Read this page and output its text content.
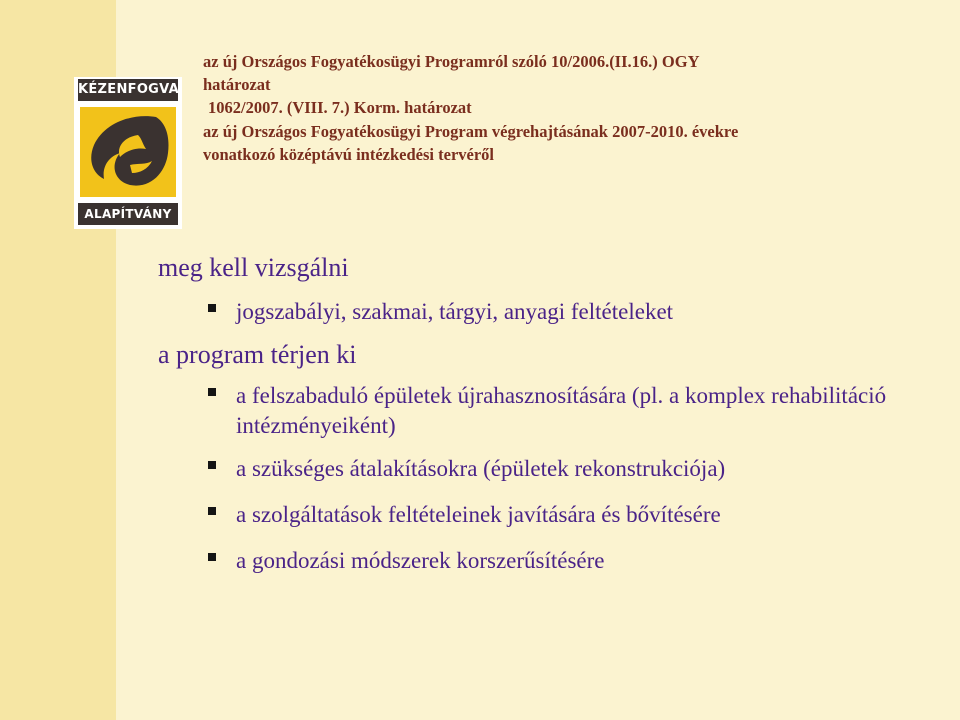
KÉZENFOGVA
ALAPÍTVÁNY
az új Országos Fogyatékosügyi Programról szóló 10/2006.(II.16.) OGY
határozat
1062/2007. (VIII. 7.) Korm. határozat
az új Országos Fogyatékosügyi Program végrehajtásának 2007-2010. évekre
vonatkozó középtávú intézkedési tervéről

meg kell vizsgálni

jogszabályi, szakmai, tárgyi, anyagi feltételeket

a program térjen ki

a felszabaduló épületek újrahasznosítására (pl. a komplex rehabilitáció intézményeiként)
a szükséges átalakításokra (épületek rekonstrukciója)
a szolgáltatások feltételeinek javítására és bővítésére
a gondozási módszerek korszerűsítésére
